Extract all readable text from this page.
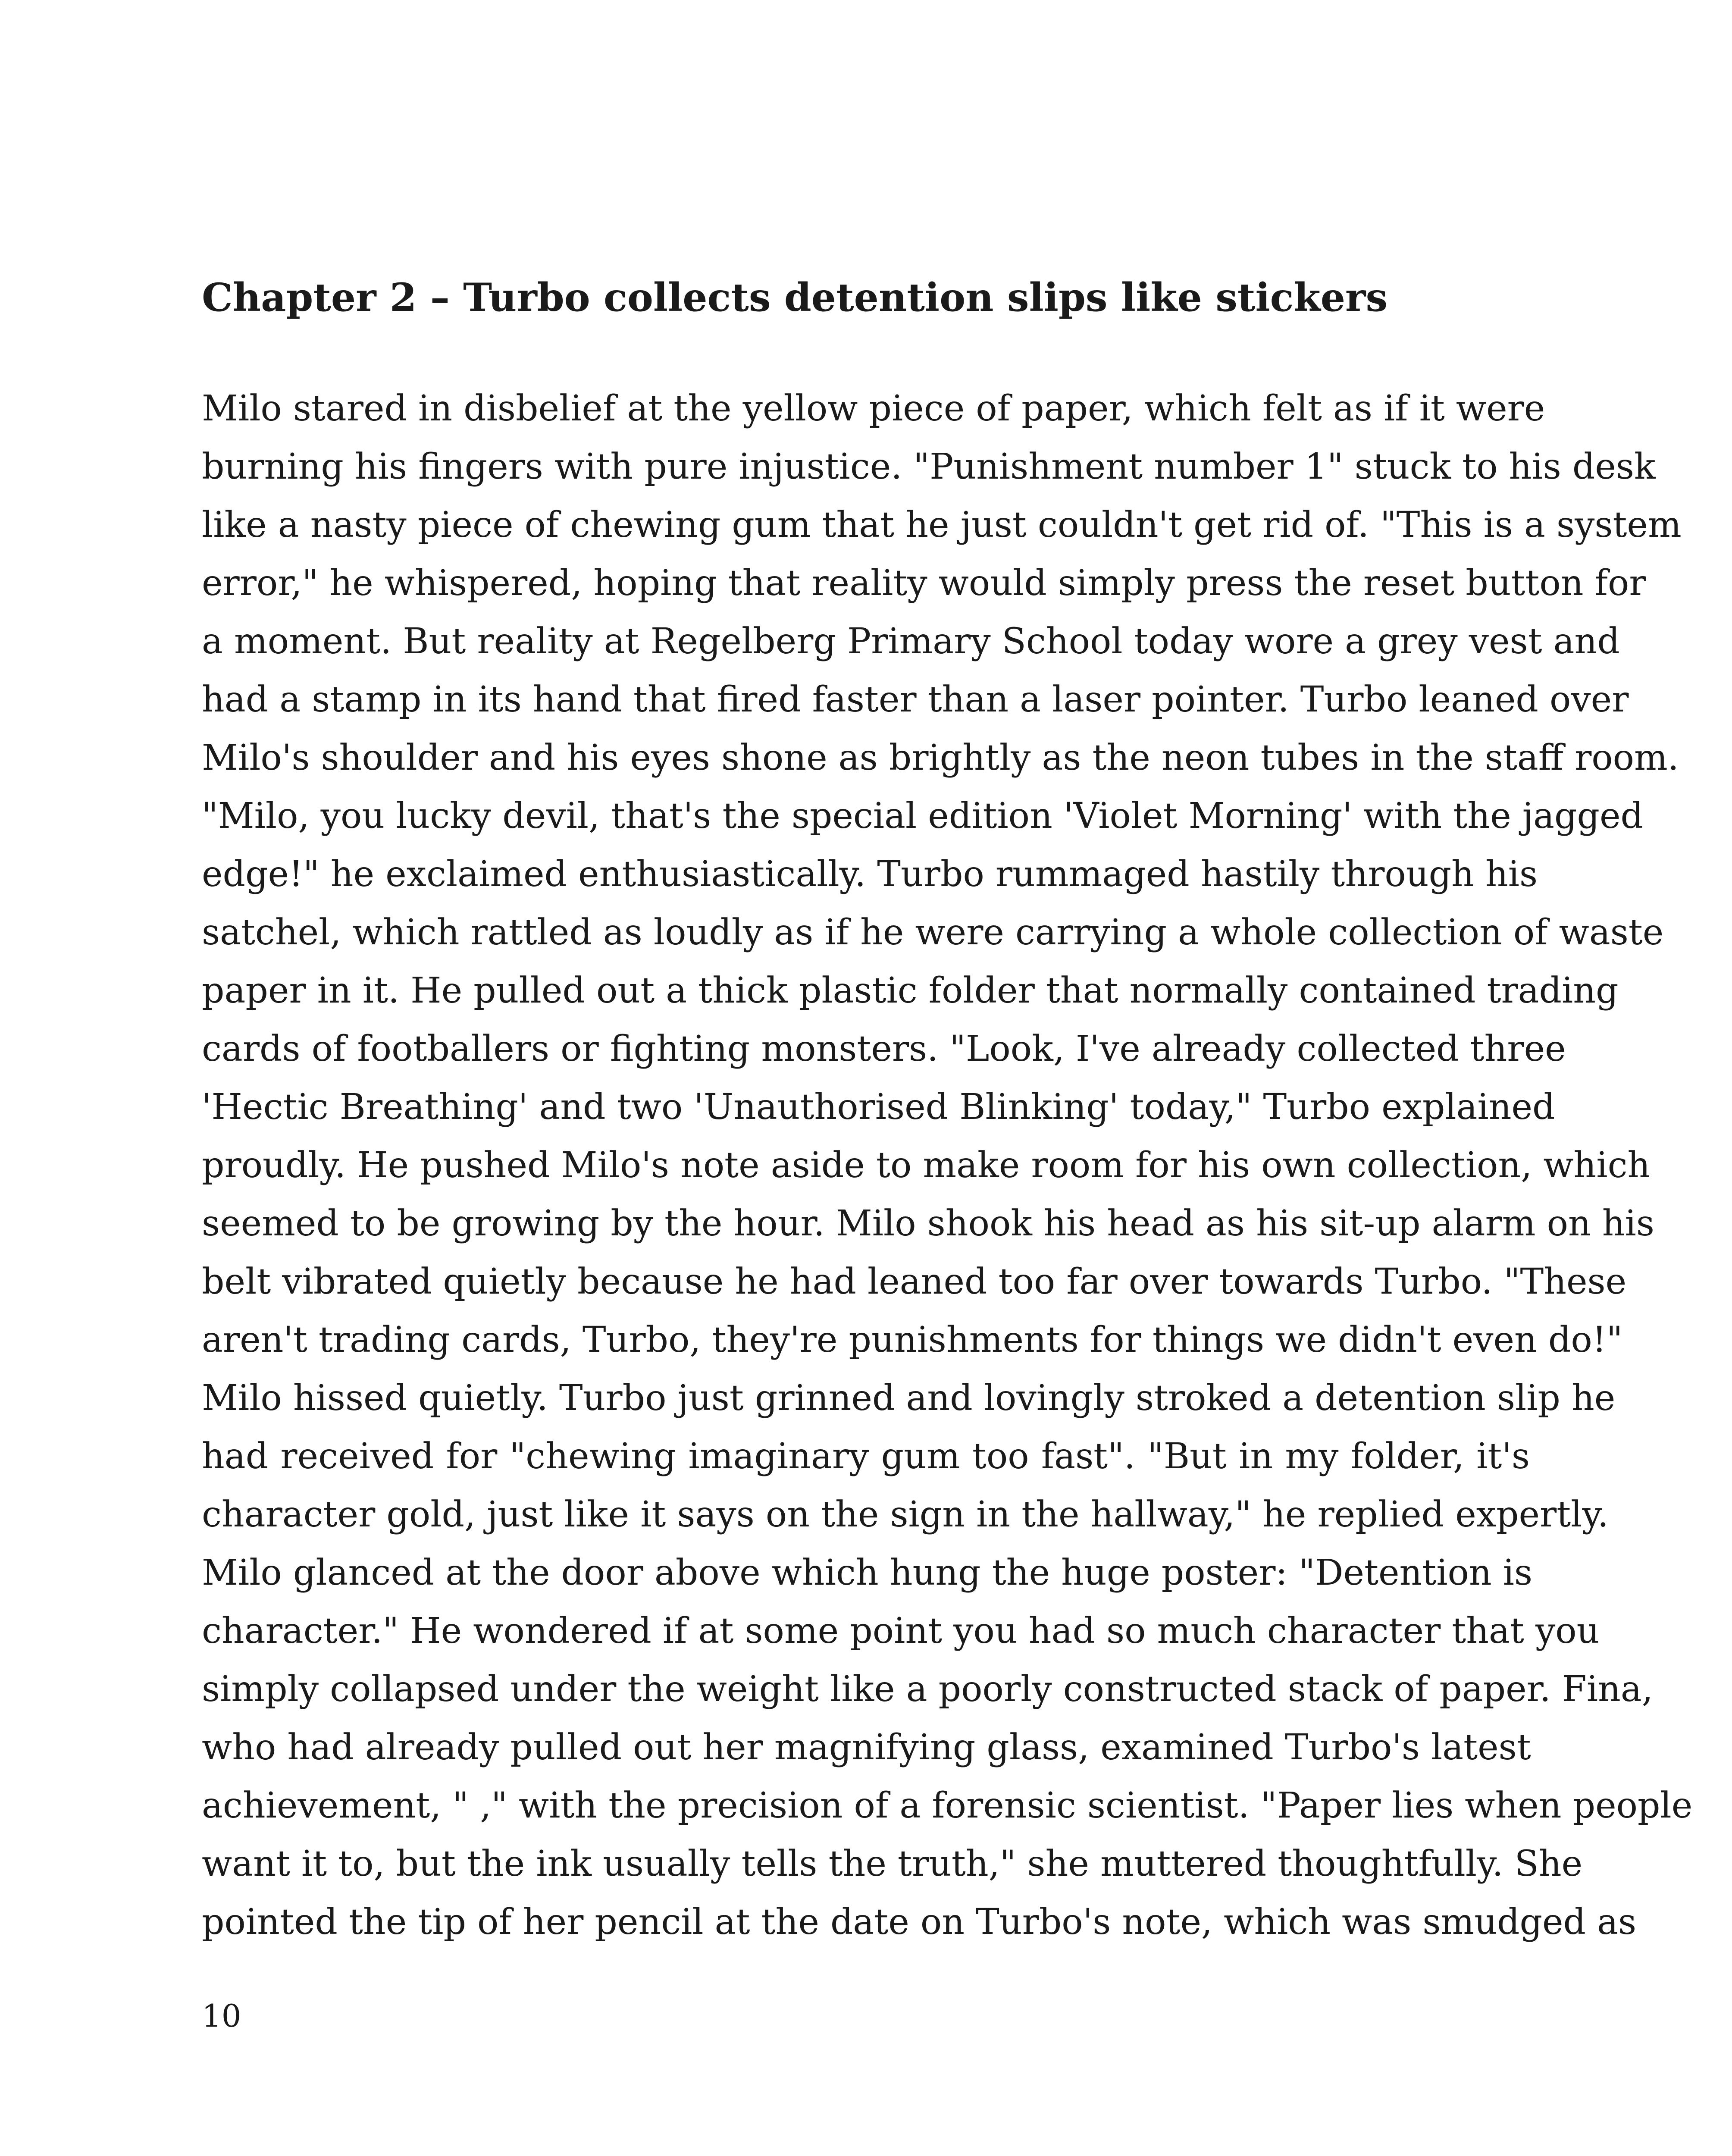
Chapter 2 – Turbo collects detention slips like stickers
Milo stared in disbelief at the yellow piece of paper, which felt as if it were
burning his fingers with pure injustice. "Punishment number 1" stuck to his desk
like a nasty piece of chewing gum that he just couldn't get rid of. "This is a system
error," he whispered, hoping that reality would simply press the reset button for
a moment. But reality at Regelberg Primary School today wore a grey vest and
had a stamp in its hand that fired faster than a laser pointer. Turbo leaned over
Milo's shoulder and his eyes shone as brightly as the neon tubes in the staff room.
"Milo, you lucky devil, that's the special edition 'Violet Morning' with the jagged
edge!" he exclaimed enthusiastically. Turbo rummaged hastily through his
satchel, which rattled as loudly as if he were carrying a whole collection of waste
paper in it. He pulled out a thick plastic folder that normally contained trading
cards of footballers or fighting monsters. "Look, I've already collected three
'Hectic Breathing' and two 'Unauthorised Blinking' today," Turbo explained
proudly. He pushed Milo's note aside to make room for his own collection, which
seemed to be growing by the hour. Milo shook his head as his sit-up alarm on his
belt vibrated quietly because he had leaned too far over towards Turbo. "These
aren't trading cards, Turbo, they're punishments for things we didn't even do!"
Milo hissed quietly. Turbo just grinned and lovingly stroked a detention slip he
had received for "chewing imaginary gum too fast". "But in my folder, it's
character gold, just like it says on the sign in the hallway," he replied expertly.
Milo glanced at the door above which hung the huge poster: "Detention is
character." He wondered if at some point you had so much character that you
simply collapsed under the weight like a poorly constructed stack of paper. Fina,
who had already pulled out her magnifying glass, examined Turbo's latest
achievement, " ," with the precision of a forensic scientist. "Paper lies when people
want it to, but the ink usually tells the truth," she muttered thoughtfully. She
pointed the tip of her pencil at the date on Turbo's note, which was smudged as
10
